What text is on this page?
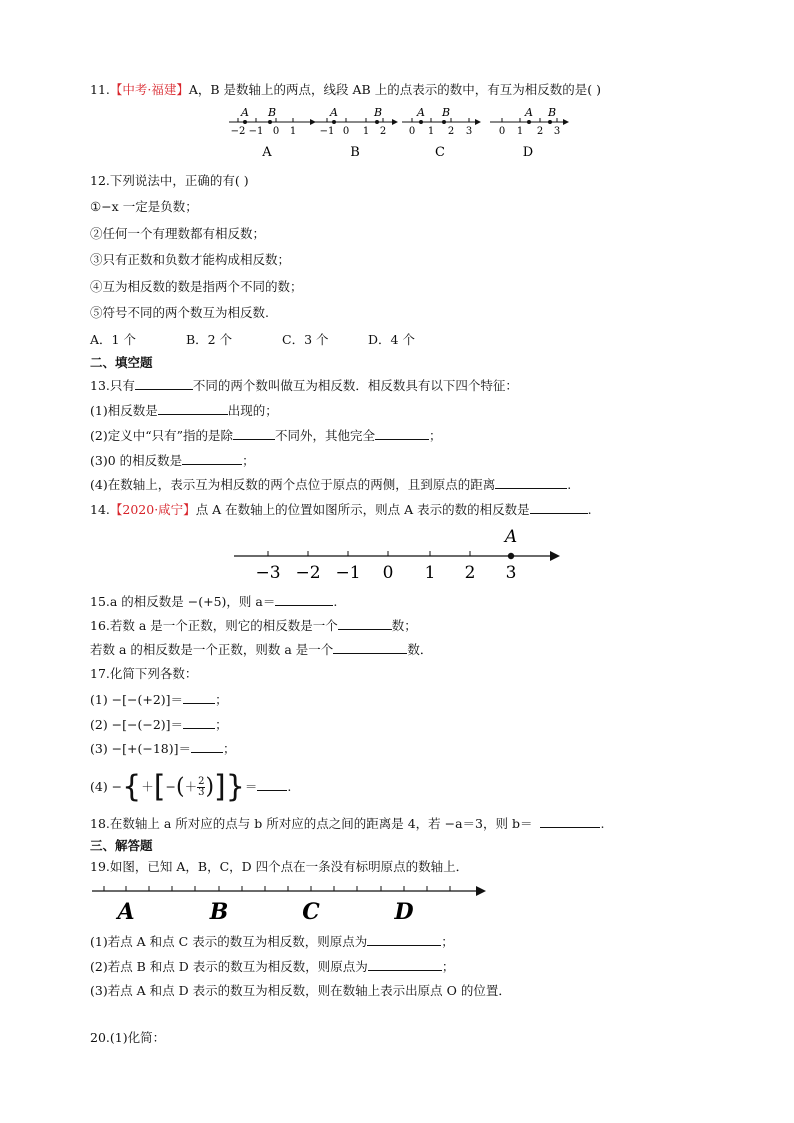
11.【中考·福建】A，B 是数轴上的两点，线段 AB 上的点表示的数中，有互为相反数的是( )
A B
−2 −1 0 1
A
A	B
−1 0 1 2
B
A B
0 1 2 3
C
A B
0 1 2 3
D
12.下列说法中，正确的有( )
①−x 一定是负数；
②任何一个有理数都有相反数；
③只有正数和负数才能构成相反数；
④互为相反数的数是指两个不同的数；
⑤符号不同的两个数互为相反数.
A．1 个	B．2 个	C．3 个	D．4 个
二、填空题
13.只有	不同的两个数叫做互为相反数．相反数具有以下四个特征：
(1)相反数是	出现的；
(2)定义中“只有”指的是除	不同外，其他完全	；
(3)0 的相反数是	；
(4)在数轴上，表示互为相反数的两个点位于原点的两侧，且到原点的距离	.
14.【2020·咸宁】点 A 在数轴上的位置如图所示，则点 A 表示的数的相反数是	.
A
−3 −2 −1 0 1 2 3
15.a 的相反数是 −(+5)，则 a＝	.
16.若数 a 是一个正数，则它的相反数是一个	数；
若数 a 的相反数是一个正数，则数 a 是一个	数．
17.化简下列各数：
(1) −[−(+2)]＝	；
(2) −[−(−2)]＝	；
(3) −[+(−18)]＝	；
(4) −{＋[−(＋ $\frac{2}{3}$ )]}＝ .
18.在数轴上 a 所对应的点与 b 所对应的点之间的距离是 4，若 −a＝3，则 b＝	.
三、解答题
19.如图，已知 A，B，C，D 四个点在一条没有标明原点的数轴上．
A	B	C	D
(1)若点 A 和点 C 表示的数互为相反数，则原点为	；
(2)若点 B 和点 D 表示的数互为相反数，则原点为	；
(3)若点 A 和点 D 表示的数互为相反数，则在数轴上表示出原点 O 的位置．
20.(1)化简：
